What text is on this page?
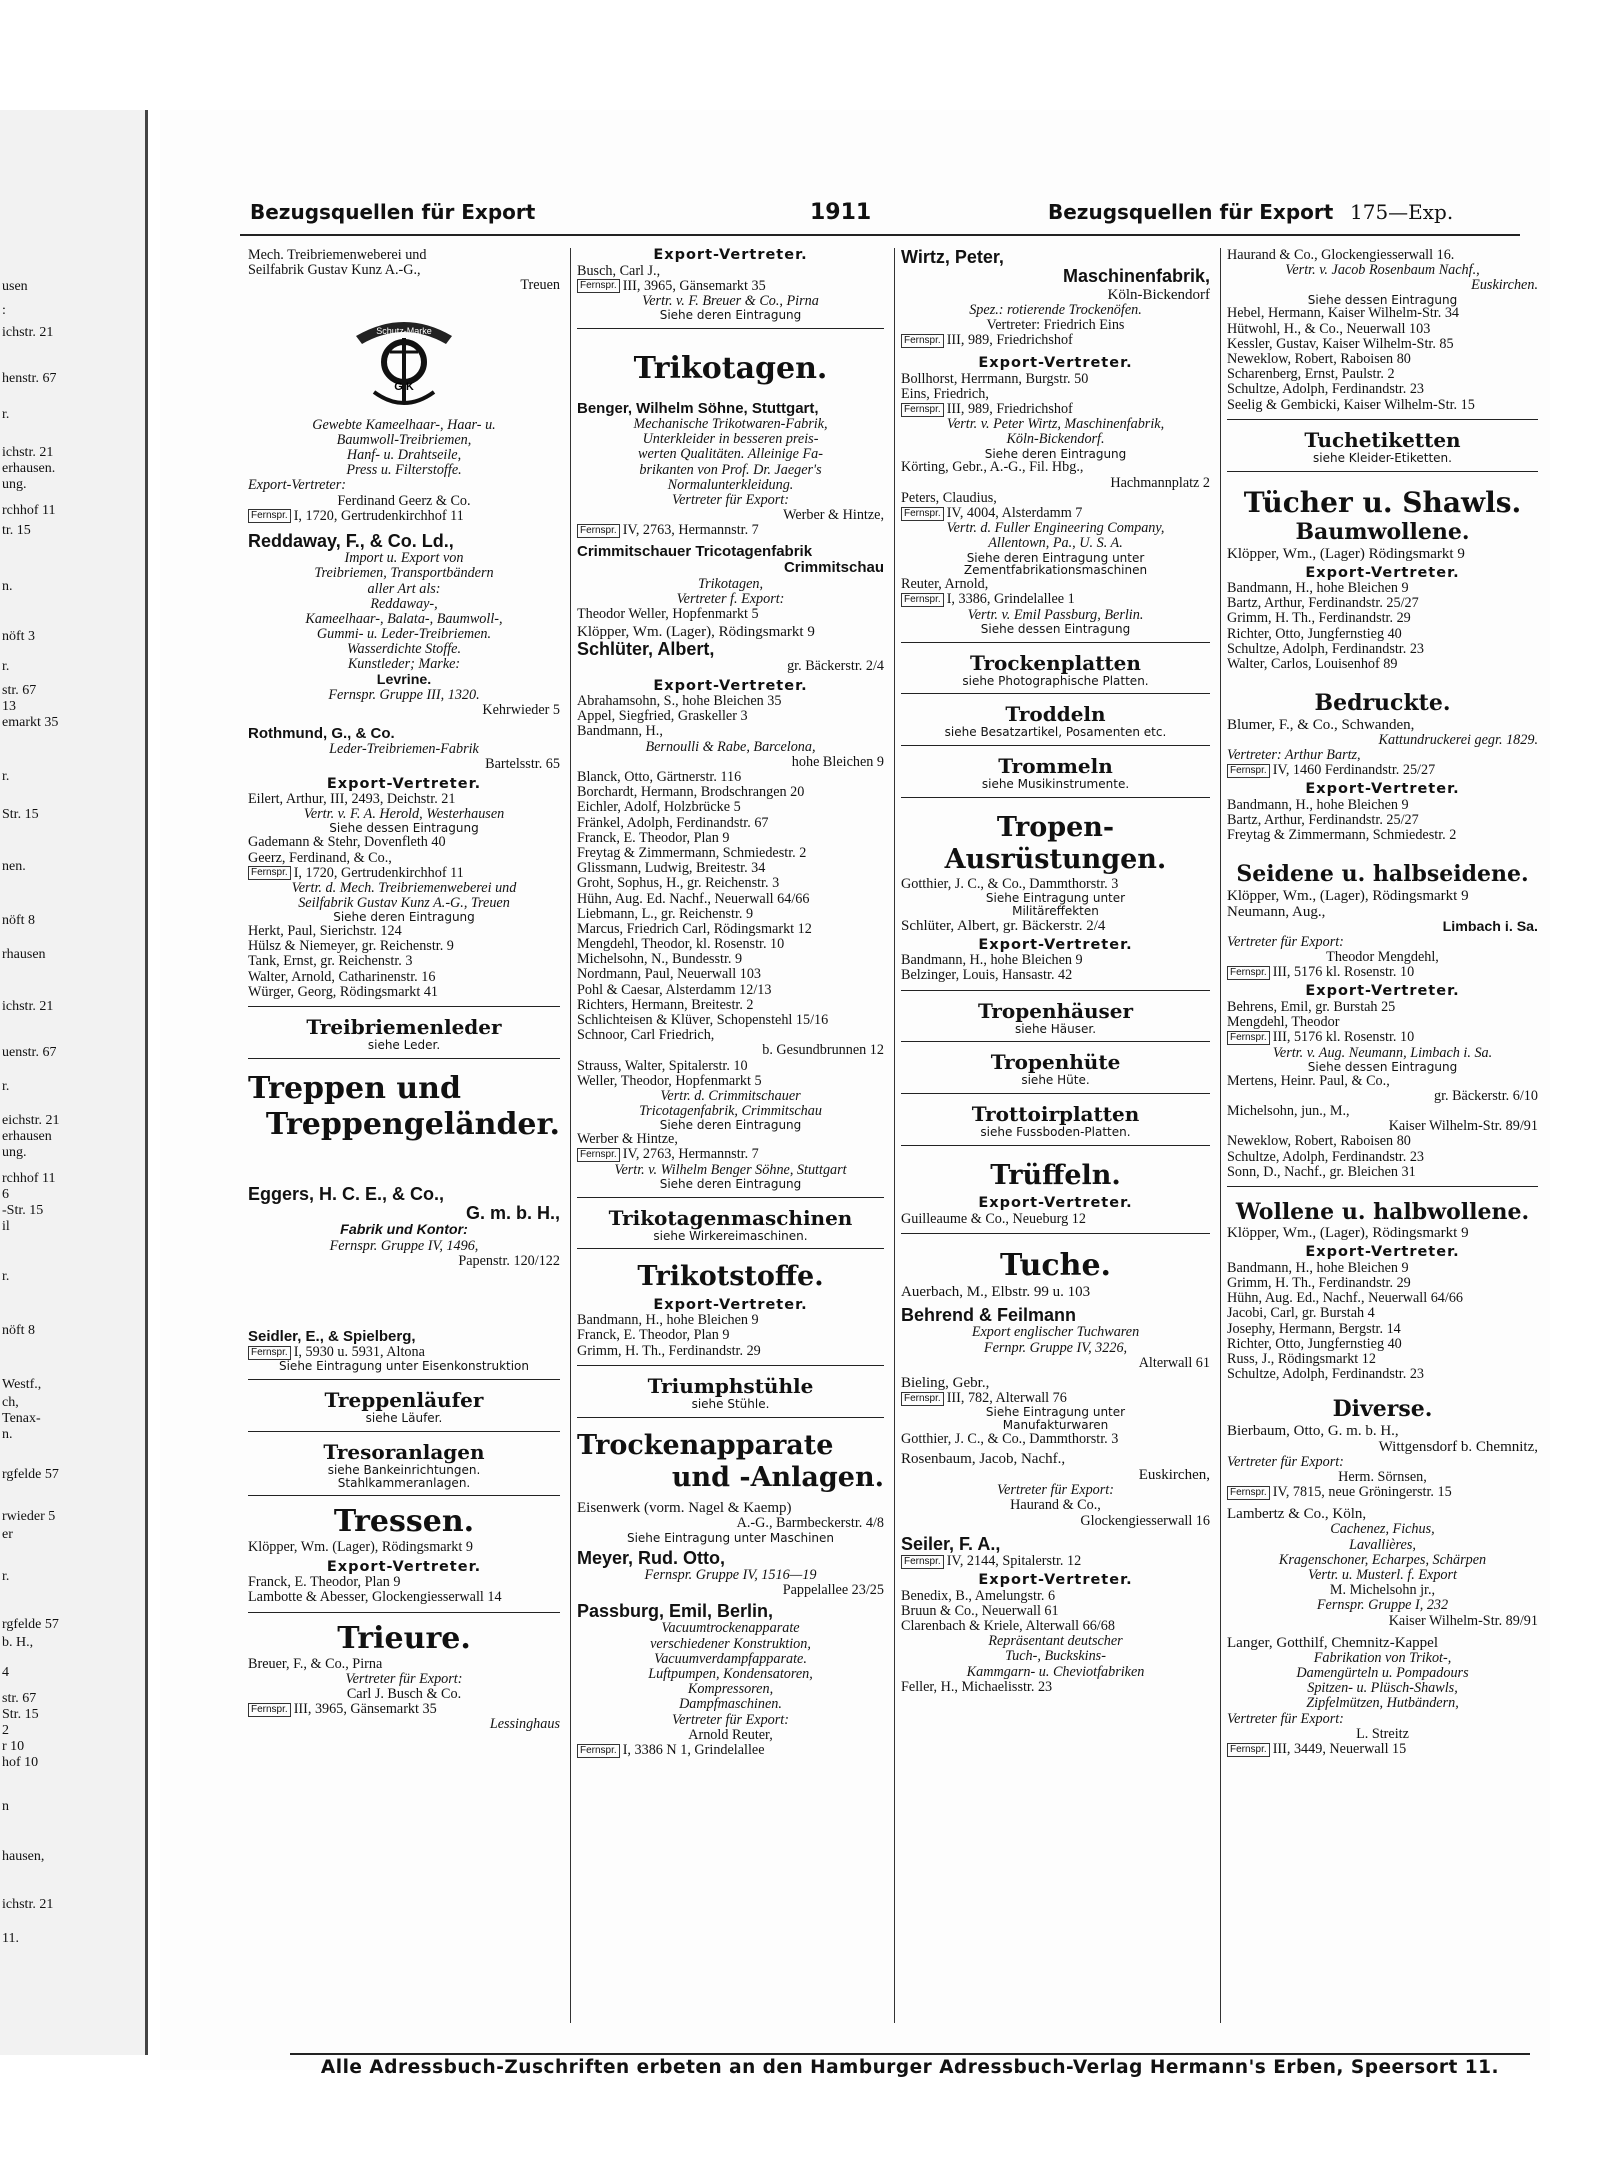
usen
:
ichstr. 21
henstr. 67
r.
ichstr. 21
erhausen.
ung.
rchhof 11
tr. 15
n.
nöft 3
r.
str. 67
13
emarkt 35
r.
Str. 15
nen.
nöft 8
rhausen
ichstr. 21
uenstr. 67
r.
eichstr. 21
erhausen
ung.
rchhof 11
6
-Str. 15
il
r.
nöft 8
Westf.,
ch,
Tenax-
n.
rgfelde 57
rwieder 5
er
r.
rgfelde 57
b. H.,
4
str. 67
Str. 15
2
r 10
hof 10
n
hausen,
ichstr. 21
11.
Bezugsquellen für Export	1911	Bezugsquellen für Export 175—Exp.
Mech. Treibriemenweberei und
Seilfabrik Gustav Kunz A.-G.,
Treuen
Schutz-Marke
G K
Gewebte Kameelhaar-, Haar- u.
Baumwoll-Treibriemen,
Hanf- u. Drahtseile,
Press u. Filterstoffe.
Export-Vertreter:
Ferdinand Geerz & Co.
Fernspr. I, 1720, Gertrudenkirchhof 11
Reddaway, F., & Co. Ld.,
Import u. Export von
Treibriemen, Transportbändern
aller Art als:
Reddaway-,
Kameelhaar-, Balata-, Baumwoll-,
Gummi- u. Leder-Treibriemen.
Wasserdichte Stoffe.
Kunstleder; Marke:
Levrine.
Fernspr. Gruppe III, 1320.
Kehrwieder 5
Rothmund, G., & Co.
Leder-Treibriemen-Fabrik
Bartelsstr. 65
Export-Vertreter.
Eilert, Arthur, III, 2493, Deichstr. 21
Vertr. v. F. A. Herold, Westerhausen
Siehe dessen Eintragung
Gademann & Stehr, Dovenfleth 40
Geerz, Ferdinand, & Co.,
Fernspr. I, 1720, Gertrudenkirchhof 11
Vertr. d. Mech. Treibriemenweberei und
Seilfabrik Gustav Kunz A.-G., Treuen
Siehe deren Eintragung
Herkt, Paul, Sierichstr. 124
Hülsz & Niemeyer, gr. Reichenstr. 9
Tank, Ernst, gr. Reichenstr. 3
Walter, Arnold, Catharinenstr. 16
Würger, Georg, Rödingsmarkt 41
Treibriemenleder
siehe Leder.
Treppen und
Treppengeländer.
Eggers, H. C. E., & Co.,
G. m. b. H.,
Fabrik und Kontor:
Fernspr. Gruppe IV, 1496,
Papenstr. 120/122
Seidler, E., & Spielberg,
Fernspr. I, 5930 u. 5931, Altona
Siehe Eintragung unter Eisenkonstruktion
Treppenläufer
siehe Läufer.
Tresoranlagen
siehe Bankeinrichtungen.
Stahlkammeranlagen.
Tressen.
Klöpper, Wm. (Lager), Rödingsmarkt 9
Export-Vertreter.
Franck, E. Theodor, Plan 9
Lambotte & Abesser, Glockengiesserwall 14
Trieure.
Breuer, F., & Co., Pirna
Vertreter für Export:
Carl J. Busch & Co.
Fernspr. III, 3965, Gänsemarkt 35
Lessinghaus
Export-Vertreter.
Busch, Carl J.,
Fernspr. III, 3965, Gänsemarkt 35
Vertr. v. F. Breuer & Co., Pirna
Siehe deren Eintragung
Trikotagen.
Benger, Wilhelm Söhne, Stuttgart,
Mechanische Trikotwaren-Fabrik,
Unterkleider in besseren preis-
werten Qualitäten. Alleinige Fa-
brikanten von Prof. Dr. Jaeger's
Normalunterkleidung.
Vertreter für Export:
Werber & Hintze,
Fernspr. IV, 2763, Hermannstr. 7
Crimmitschauer Tricotagenfabrik
Crimmitschau
Trikotagen,
Vertreter f. Export:
Theodor Weller, Hopfenmarkt 5
Klöpper, Wm. (Lager), Rödingsmarkt 9
Schlüter, Albert,
gr. Bäckerstr. 2/4
Export-Vertreter.
Abrahamsohn, S., hohe Bleichen 35
Appel, Siegfried, Graskeller 3
Bandmann, H.,
Bernoulli & Rabe, Barcelona,
hohe Bleichen 9
Blanck, Otto, Gärtnerstr. 116
Borchardt, Hermann, Brodschrangen 20
Eichler, Adolf, Holzbrücke 5
Fränkel, Adolph, Ferdinandstr. 67
Franck, E. Theodor, Plan 9
Freytag & Zimmermann, Schmiedestr. 2
Glissmann, Ludwig, Breitestr. 34
Groht, Sophus, H., gr. Reichenstr. 3
Hühn, Aug. Ed. Nachf., Neuerwall 64/66
Liebmann, L., gr. Reichenstr. 9
Marcus, Friedrich Carl, Rödingsmarkt 12
Mengdehl, Theodor, kl. Rosenstr. 10
Michelsohn, N., Bundesstr. 9
Nordmann, Paul, Neuerwall 103
Pohl & Caesar, Alsterdamm 12/13
Richters, Hermann, Breitestr. 2
Schlichteisen & Klüver, Schopenstehl 15/16
Schnoor, Carl Friedrich,
b. Gesundbrunnen 12
Strauss, Walter, Spitalerstr. 10
Weller, Theodor, Hopfenmarkt 5
Vertr. d. Crimmitschauer
Tricotagenfabrik, Crimmitschau
Siehe deren Eintragung
Werber & Hintze,
Fernspr. IV, 2763, Hermannstr. 7
Vertr. v. Wilhelm Benger Söhne, Stuttgart
Siehe deren Eintragung
Trikotagenmaschinen
siehe Wirkereimaschinen.
Trikotstoffe.
Export-Vertreter.
Bandmann, H., hohe Bleichen 9
Franck, E. Theodor, Plan 9
Grimm, H. Th., Ferdinandstr. 29
Triumphstühle
siehe Stühle.
Trockenapparate
und -Anlagen.
Eisenwerk (vorm. Nagel & Kaemp)
A.-G., Barmbeckerstr. 4/8
Siehe Eintragung unter Maschinen
Meyer, Rud. Otto,
Fernspr. Gruppe IV, 1516—19
Pappelallee 23/25
Passburg, Emil, Berlin,
Vacuumtrockenapparate
verschiedener Konstruktion,
Vacuumverdampfapparate.
Luftpumpen, Kondensatoren,
Kompressoren,
Dampfmaschinen.
Vertreter für Export:
Arnold Reuter,
Fernspr. I, 3386 N 1, Grindelallee
Wirtz, Peter,
Maschinenfabrik,
Köln-Bickendorf
Spez.: rotierende Trockenöfen.
Vertreter: Friedrich Eins
Fernspr. III, 989, Friedrichshof
Export-Vertreter.
Bollhorst, Herrmann, Burgstr. 50
Eins, Friedrich,
Fernspr. III, 989, Friedrichshof
Vertr. v. Peter Wirtz, Maschinenfabrik,
Köln-Bickendorf.
Siehe deren Eintragung
Körting, Gebr., A.-G., Fil. Hbg.,
Hachmannplatz 2
Peters, Claudius,
Fernspr. IV, 4004, Alsterdamm 7
Vertr. d. Fuller Engineering Company,
Allentown, Pa., U. S. A.
Siehe deren Eintragung unter
Zementfabrikationsmaschinen
Reuter, Arnold,
Fernspr. I, 3386, Grindelallee 1
Vertr. v. Emil Passburg, Berlin.
Siehe dessen Eintragung
Trockenplatten
siehe Photographische Platten.
Troddeln
siehe Besatzartikel, Posamenten etc.
Trommeln
siehe Musikinstrumente.
Tropen-Ausrüstungen.
Gotthier, J. C., & Co., Dammthorstr. 3
Siehe Eintragung unter
Militäreffekten
Schlüter, Albert, gr. Bäckerstr. 2/4
Export-Vertreter.
Bandmann, H., hohe Bleichen 9
Belzinger, Louis, Hansastr. 42
Tropenhäuser
siehe Häuser.
Tropenhüte
siehe Hüte.
Trottoirplatten
siehe Fussboden-Platten.
Trüffeln.
Export-Vertreter.
Guilleaume & Co., Neueburg 12
Tuche.
Auerbach, M., Elbstr. 99 u. 103
Behrend & Feilmann
Export englischer Tuchwaren
Fernpr. Gruppe IV, 3226,
Alterwall 61
Bieling, Gebr.,
Fernspr. III, 782, Alterwall 76
Siehe Eintragung unter
Manufakturwaren
Gotthier, J. C., & Co., Dammthorstr. 3
Rosenbaum, Jacob, Nachf.,
Euskirchen,
Vertreter für Export:
Haurand & Co.,
Glockengiesserwall 16
Seiler, F. A.,
Fernspr. IV, 2144, Spitalerstr. 12
Export-Vertreter.
Benedix, B., Amelungstr. 6
Bruun & Co., Neuerwall 61
Clarenbach & Kriele, Alterwall 66/68
Repräsentant deutscher
Tuch-, Buckskins-
Kammgarn- u. Cheviotfabriken
Feller, H., Michaelisstr. 23
Haurand & Co., Glockengiesserwall 16.
Vertr. v. Jacob Rosenbaum Nachf.,
Euskirchen.
Siehe dessen Eintragung
Hebel, Hermann, Kaiser Wilhelm-Str. 34
Hütwohl, H., & Co., Neuerwall 103
Kessler, Gustav, Kaiser Wilhelm-Str. 85
Neweklow, Robert, Raboisen 80
Scharenberg, Ernst, Paulstr. 2
Schultze, Adolph, Ferdinandstr. 23
Seelig & Gembicki, Kaiser Wilhelm-Str. 15
Tuchetiketten
siehe Kleider-Etiketten.
Tücher u. Shawls.
Baumwollene.
Klöpper, Wm., (Lager) Rödingsmarkt 9
Export-Vertreter.
Bandmann, H., hohe Bleichen 9
Bartz, Arthur, Ferdinandstr. 25/27
Grimm, H. Th., Ferdinandstr. 29
Richter, Otto, Jungfernstieg 40
Schultze, Adolph, Ferdinandstr. 23
Walter, Carlos, Louisenhof 89
Bedruckte.
Blumer, F., & Co., Schwanden,
Kattundruckerei gegr. 1829.
Vertreter: Arthur Bartz,
Fernspr. IV, 1460 Ferdinandstr. 25/27
Export-Vertreter.
Bandmann, H., hohe Bleichen 9
Bartz, Arthur, Ferdinandstr. 25/27
Freytag & Zimmermann, Schmiedestr. 2
Seidene u. halbseidene.
Klöpper, Wm., (Lager), Rödingsmarkt 9
Neumann, Aug.,
Limbach i. Sa.
Vertreter für Export:
Theodor Mengdehl,
Fernspr. III, 5176 kl. Rosenstr. 10
Export-Vertreter.
Behrens, Emil, gr. Burstah 25
Mengdehl, Theodor
Fernspr. III, 5176 kl. Rosenstr. 10
Vertr. v. Aug. Neumann, Limbach i. Sa.
Siehe dessen Eintragung
Mertens, Heinr. Paul, & Co.,
gr. Bäckerstr. 6/10
Michelsohn, jun., M.,
Kaiser Wilhelm-Str. 89/91
Neweklow, Robert, Raboisen 80
Schultze, Adolph, Ferdinandstr. 23
Sonn, D., Nachf., gr. Bleichen 31
Wollene u. halbwollene.
Klöpper, Wm., (Lager), Rödingsmarkt 9
Export-Vertreter.
Bandmann, H., hohe Bleichen 9
Grimm, H. Th., Ferdinandstr. 29
Hühn, Aug. Ed., Nachf., Neuerwall 64/66
Jacobi, Carl, gr. Burstah 4
Josephy, Hermann, Bergstr. 14
Richter, Otto, Jungfernstieg 40
Russ, J., Rödingsmarkt 12
Schultze, Adolph, Ferdinandstr. 23
Diverse.
Bierbaum, Otto, G. m. b. H.,
Wittgensdorf b. Chemnitz,
Vertreter für Export:
Herm. Sörnsen,
Fernspr. IV, 7815, neue Gröningerstr. 15
Lambertz & Co., Köln,
Cachenez, Fichus,
Lavallières,
Kragenschoner, Echarpes, Schärpen
Vertr. u. Musterl. f. Export
M. Michelsohn jr.,
Fernspr. Gruppe I, 232
Kaiser Wilhelm-Str. 89/91
Langer, Gotthilf, Chemnitz-Kappel
Fabrikation von Trikot-,
Damengürteln u. Pompadours
Spitzen- u. Plüsch-Shawls,
Zipfelmützen, Hutbändern,
Vertreter für Export:
L. Streitz
Fernspr. III, 3449, Neuerwall 15
Alle Adressbuch-Zuschriften erbeten an den Hamburger Adressbuch-Verlag Hermann's Erben, Speersort 11.
